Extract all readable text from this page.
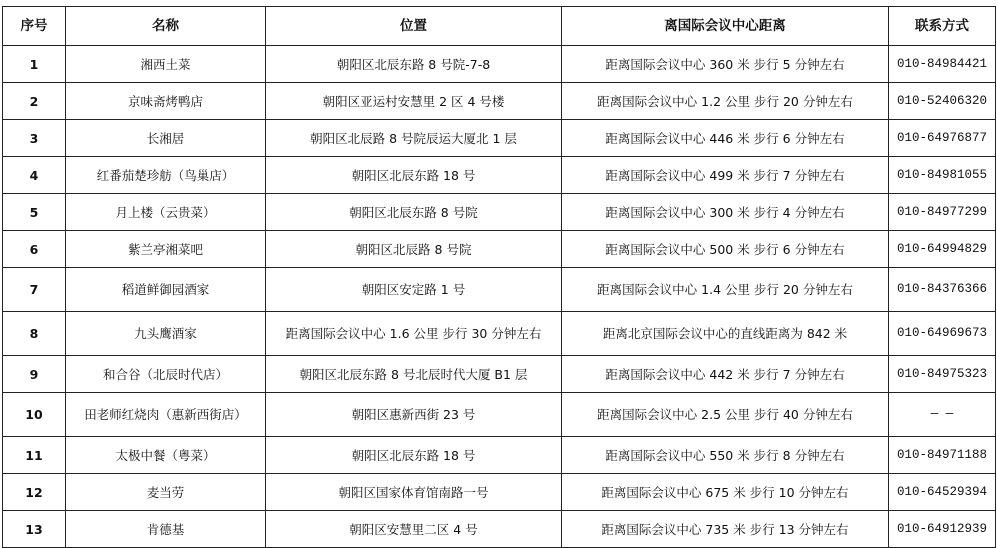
序号	名称	位置	离国际会议中心距离	联系方式
1	湘西土菜	朝阳区北辰东路 8 号院-7-8	距离国际会议中心 360 米 步行 5 分钟左右	010-84984421
2	京味斋烤鸭店	朝阳区亚运村安慧里 2 区 4 号楼	距离国际会议中心 1.2 公里 步行 20 分钟左右	010-52406320
3	长湘居	朝阳区北辰路 8 号院辰运大厦北 1 层	距离国际会议中心 446 米 步行 6 分钟左右	010-64976877
4	红番茄楚珍舫（鸟巢店）	朝阳区北辰东路 18 号	距离国际会议中心 499 米 步行 7 分钟左右	010-84981055
5	月上楼（云贵菜）	朝阳区北辰东路 8 号院	距离国际会议中心 300 米 步行 4 分钟左右	010-84977299
6	紫兰亭湘菜吧	朝阳区北辰路 8 号院	距离国际会议中心 500 米 步行 6 分钟左右	010-64994829
7	稻道鲜御园酒家	朝阳区安定路 1 号	距离国际会议中心 1.4 公里 步行 20 分钟左右	010-84376366
8	九头鹰酒家	距离国际会议中心 1.6 公里 步行 30 分钟左右	距离北京国际会议中心的直线距离为 842 米	010-64969673
9	和合谷（北辰时代店）	朝阳区北辰东路 8 号北辰时代大厦 B1 层	距离国际会议中心 442 米 步行 7 分钟左右	010-84975323
10	田老师红烧肉（惠新西街店）	朝阳区惠新西街 23 号	距离国际会议中心 2.5 公里 步行 40 分钟左右	— —
11	太极中餐（粤菜）	朝阳区北辰东路 18 号	距离国际会议中心 550 米 步行 8 分钟左右	010-84971188
12	麦当劳	朝阳区国家体育馆南路一号	距离国际会议中心 675 米 步行 10 分钟左右	010-64529394
13	肯德基	朝阳区安慧里二区 4 号	距离国际会议中心 735 米 步行 13 分钟左右	010-64912939
